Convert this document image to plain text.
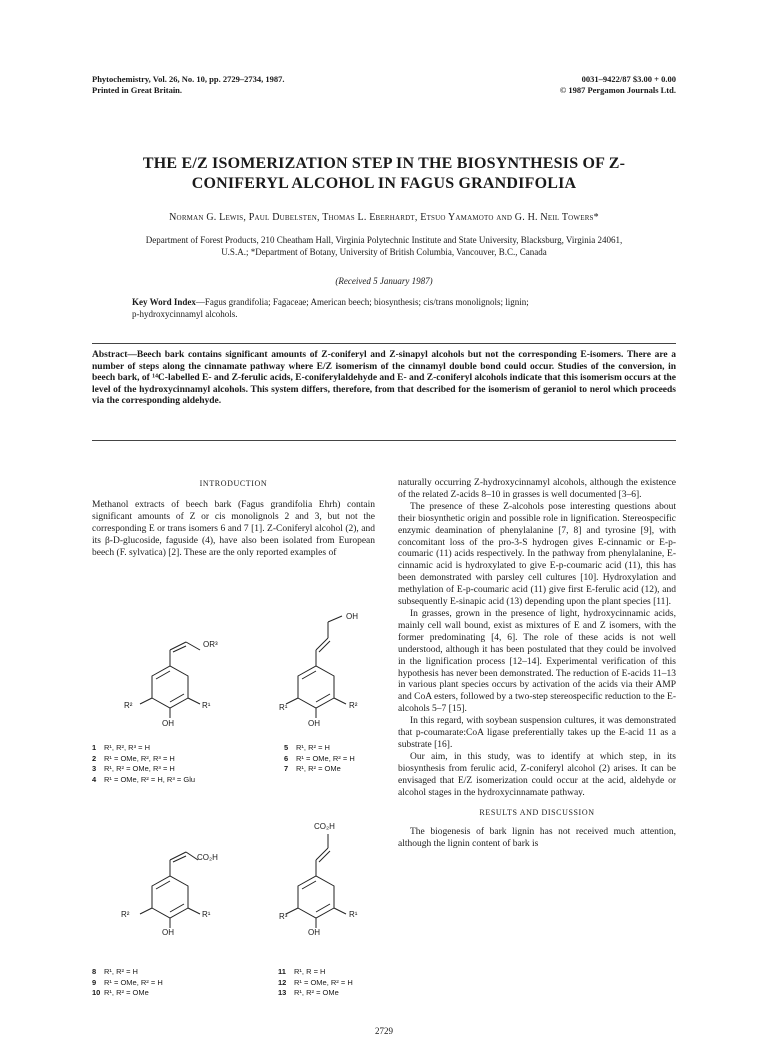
Phytochemistry, Vol. 26, No. 10, pp. 2729–2734, 1987.
Printed in Great Britain.
0031–9422/87 $3.00 + 0.00
© 1987 Pergamon Journals Ltd.
THE E/Z ISOMERIZATION STEP IN THE BIOSYNTHESIS OF Z-
CONIFERYL ALCOHOL IN FAGUS GRANDIFOLIA
Norman G. Lewis, Paul Dubelsten, Thomas L. Eberhardt, Etsuo Yamamoto and G. H. Neil Towers*
Department of Forest Products, 210 Cheatham Hall, Virginia Polytechnic Institute and State University, Blacksburg, Virginia 24061,
U.S.A.; *Department of Botany, University of British Columbia, Vancouver, B.C., Canada
(Received 5 January 1987)
Key Word Index—Fagus grandifolia; Fagaceae; American beech; biosynthesis; cis/trans monolignols; lignin;
p-hydroxycinnamyl alcohols.
Abstract—Beech bark contains significant amounts of Z-coniferyl and Z-sinapyl alcohols but not the corresponding E-isomers. There are a number of steps along the cinnamate pathway where E/Z isomerism of the cinnamyl double bond could occur. Studies of the conversion, in beech bark, of ¹⁴C-labelled E- and Z-ferulic acids, E-coniferylaldehyde and E- and Z-coniferyl alcohols indicate that this isomerism occurs at the level of the hydroxycinnamyl alcohols. This system differs, therefore, from that described for the isomerism of geraniol to nerol which proceeds via the corresponding aldehyde.
INTRODUCTION

Methanol extracts of beech bark (Fagus grandifolia Ehrh) contain significant amounts of Z or cis monolignols 2 and 3, but not the corresponding E or trans isomers 6 and 7 [1]. Z-Coniferyl alcohol (2), and its β-D-glucoside, faguside (4), have also been isolated from European beech (F. sylvatica) [2]. These are the only reported examples of

OR³
R²	R¹
OH
1 R¹, R², R³ = H
2 R¹ = OMe, R², R³ = H
3 R¹, R² = OMe, R³ = H
4 R¹ = OMe, R² = H, R³ = Glu
OH
R¹	R²
OH
5 R¹, R² = H
6 R¹ = OMe, R² = H
7 R¹, R² = OMe
CO₂H
R²	R¹
OH
8 R¹, R² = H
9 R¹ = OMe, R² = H
10 R¹, R² = OMe
CO₂H
R³	R¹
OH
11 R¹, R = H
12 R¹ = OMe, R² = H
13 R¹, R² = OMe

naturally occurring Z-hydroxycinnamyl alcohols, although the existence of the related Z-acids 8–10 in grasses is well documented [3–6].

The presence of these Z-alcohols pose interesting questions about their biosynthetic origin and possible role in lignification. Stereospecific enzymic deamination of phenylalanine [7, 8] and tyrosine [9], with concomitant loss of the pro-3-S hydrogen gives E-cinnamic or E-p-coumaric (11) acids respectively. In the pathway from phenylalanine, E-cinnamic acid is hydroxylated to give E-p-coumaric acid (11), this has been demonstrated with parsley cell cultures [10]. Hydroxylation and methylation of E-p-coumaric acid (11) give first E-ferulic acid (12), and subsequently E-sinapic acid (13) depending upon the plant species [11].

In grasses, grown in the presence of light, hydroxycinnamic acids, mainly cell wall bound, exist as mixtures of E and Z isomers, with the former predominating [4, 6]. The role of these acids is not well understood, although it has been postulated that they could be involved in the lignification process [12–14]. Experimental verification of this hypothesis has never been demonstrated. The reduction of E-acids 11–13 in various plant species occurs by activation of the acids via their AMP and CoA esters, followed by a two-step stereospecific reduction to the E-alcohols 5–7 [15].

In this regard, with soybean suspension cultures, it was demonstrated that p-coumarate:CoA ligase preferentially takes up the E-acid 11 as a substrate [16].

Our aim, in this study, was to identify at which step, in its biosynthesis from ferulic acid, Z-coniferyl alcohol (2) arises. It can be envisaged that E/Z isomerization could occur at the acid, aldehyde or alcohol stages in the hydroxycinnamate pathway.

RESULTS AND DISCUSSION

The biogenesis of bark lignin has not received much attention, although the lignin content of bark is

2729
